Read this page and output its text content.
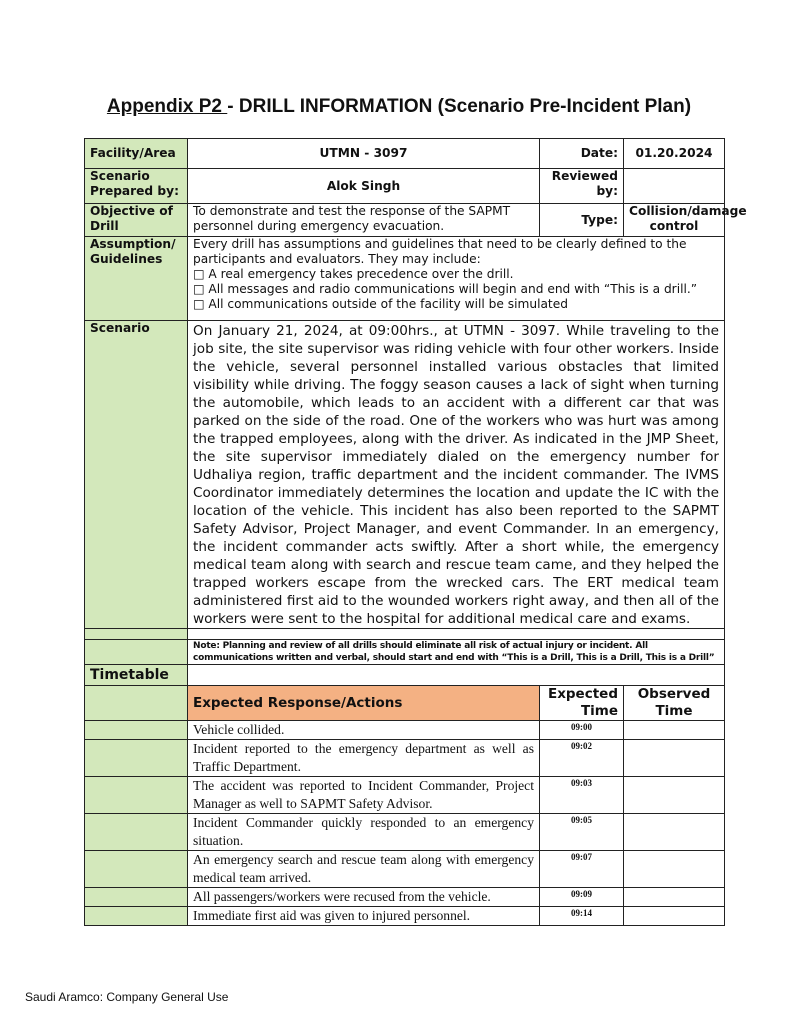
Appendix P2 - DRILL INFORMATION (Scenario Pre-Incident Plan)
Facility/Area	UTMN - 3097	Date:	01.20.2024
Scenario Prepared by:	Alok Singh	Reviewed by:	
Objective of Drill	To demonstrate and test the response of the SAPMT personnel during emergency evacuation.	Type:	Collision/damage control
Assumption/Guidelines	Every drill has assumptions and guidelines that need to be clearly defined to the participants and evaluators. They may include:
□ A real emergency takes precedence over the drill.
□ All messages and radio communications will begin and end with “This is a drill.”
□ All communications outside of the facility will be simulated		

Scenario	On January 21, 2024, at 09:00hrs., at UTMN - 3097. While traveling to the job site, the site supervisor was riding vehicle with four other workers. Inside the vehicle, several personnel installed various obstacles that limited visibility while driving. The foggy season causes a lack of sight when turning the automobile, which leads to an accident with a different car that was parked on the side of the road. One of the workers who was hurt was among the trapped employees, along with the driver. As indicated in the JMP Sheet, the site supervisor immediately dialed on the emergency number for Udhaliya region, traffic department and the incident commander. The IVMS Coordinator immediately determines the location and update the IC with the location of the vehicle. This incident has also been reported to the SAPMT Safety Advisor, Project Manager, and event Commander. In an emergency, the incident commander acts swiftly. After a short while, the emergency medical team along with search and rescue team came, and they helped the trapped workers escape from the wrecked cars. The ERT medical team administered first aid to the wounded workers right away, and then all of the workers were sent to the hospital for additional medical care and exams.		

	Note: Planning and review of all drills should eliminate all risk of actual injury or incident. All communications written and verbal, should start and end with “This is a Drill, This is a Drill, This is a Drill”		
Timetable			
	Expected Response/Actions	Expected Time	Observed Time
	Vehicle collided.	09:00	
	Incident reported to the emergency department as well as Traffic Department.	09:02	
	The accident was reported to Incident Commander, Project Manager as well to SAPMT Safety Advisor.	09:03	
	Incident Commander quickly responded to an emergency situation.	09:05	
	An emergency search and rescue team along with emergency medical team arrived.	09:07	
	All passengers/workers were recused from the vehicle.	09:09	
	Immediate first aid was given to injured personnel.	09:14	
Saudi Aramco: Company General Use
